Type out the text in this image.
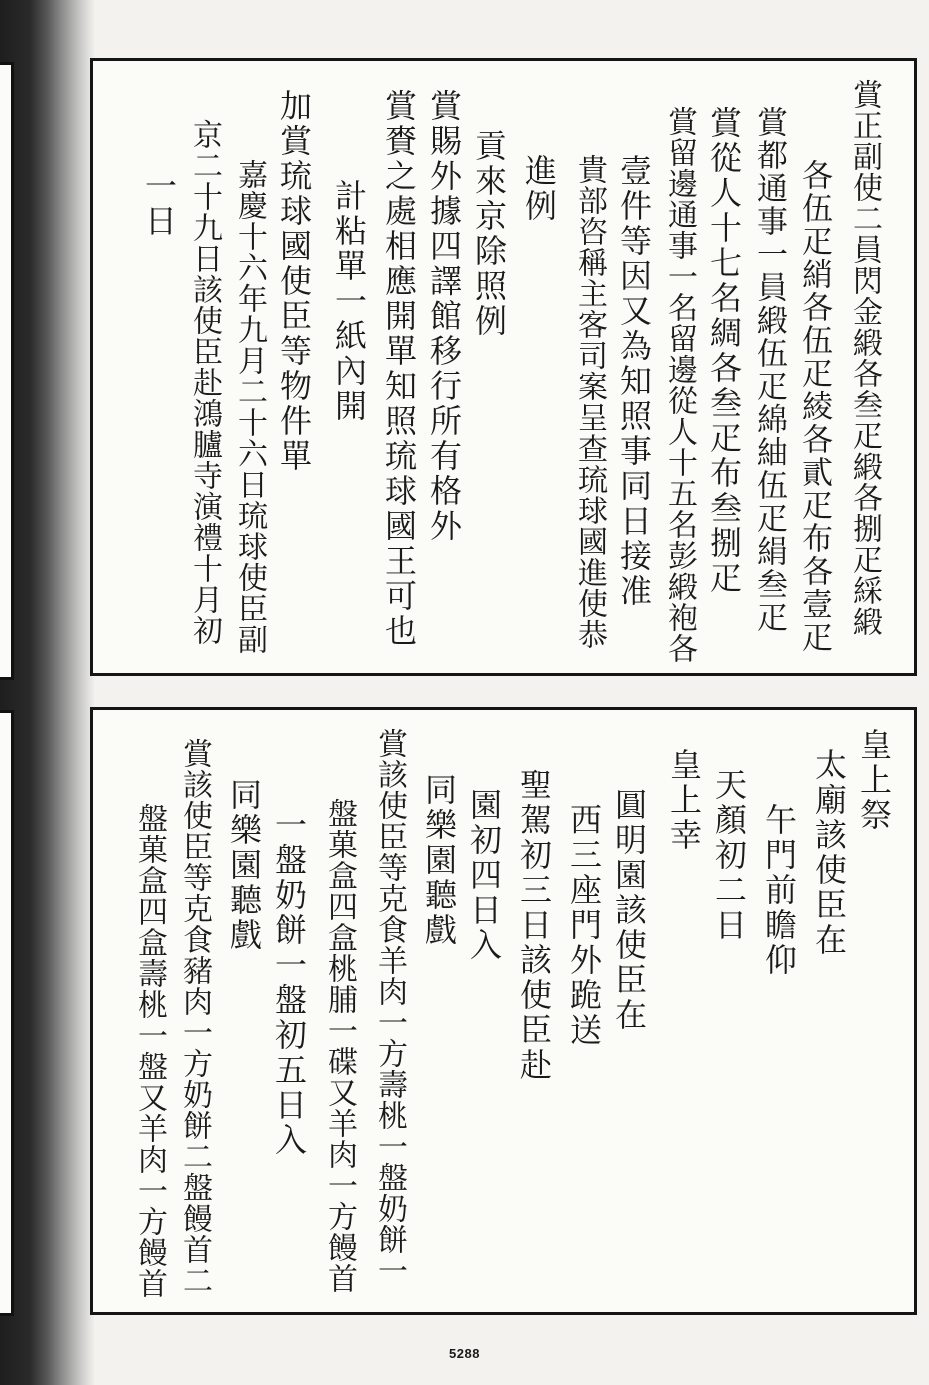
賞正副使二員閃金緞各叁疋緞各捌疋綵緞
各伍疋綃各伍疋綾各貳疋布各壹疋
賞都通事一員緞伍疋綿紬伍疋絹叁疋
賞從人十七名綢各叁疋布叁捌疋
賞留邊通事一名留邊從人十五名彭緞袍各
壹件等因又為知照事同日接准
貴部咨稱主客司案呈查琉球國進使恭
進例
貢來京除照例
賞賜外據四譯館移行所有格外
賞賚之處相應開單知照琉球國王可也
計粘單一紙內開
加賞琉球國使臣等物件單
嘉慶十六年九月二十六日琉球使臣副
京二十九日該使臣赴鴻臚寺演禮十月初
一日
皇上祭
太廟該使臣在
午門前瞻仰
天顏初二日
皇上幸
圓明園該使臣在
西三座門外跪送
聖駕初三日該使臣赴
園初四日入
同樂園聽戲
賞該使臣等克食羊肉一方壽桃一盤奶餅一
盤菓盒四盒桃脯一碟又羊肉一方饅首
一盤奶餅一盤初五日入
同樂園聽戲
賞該使臣等克食豬肉一方奶餅二盤饅首二
盤菓盒四盒壽桃一盤又羊肉一方饅首
5288
